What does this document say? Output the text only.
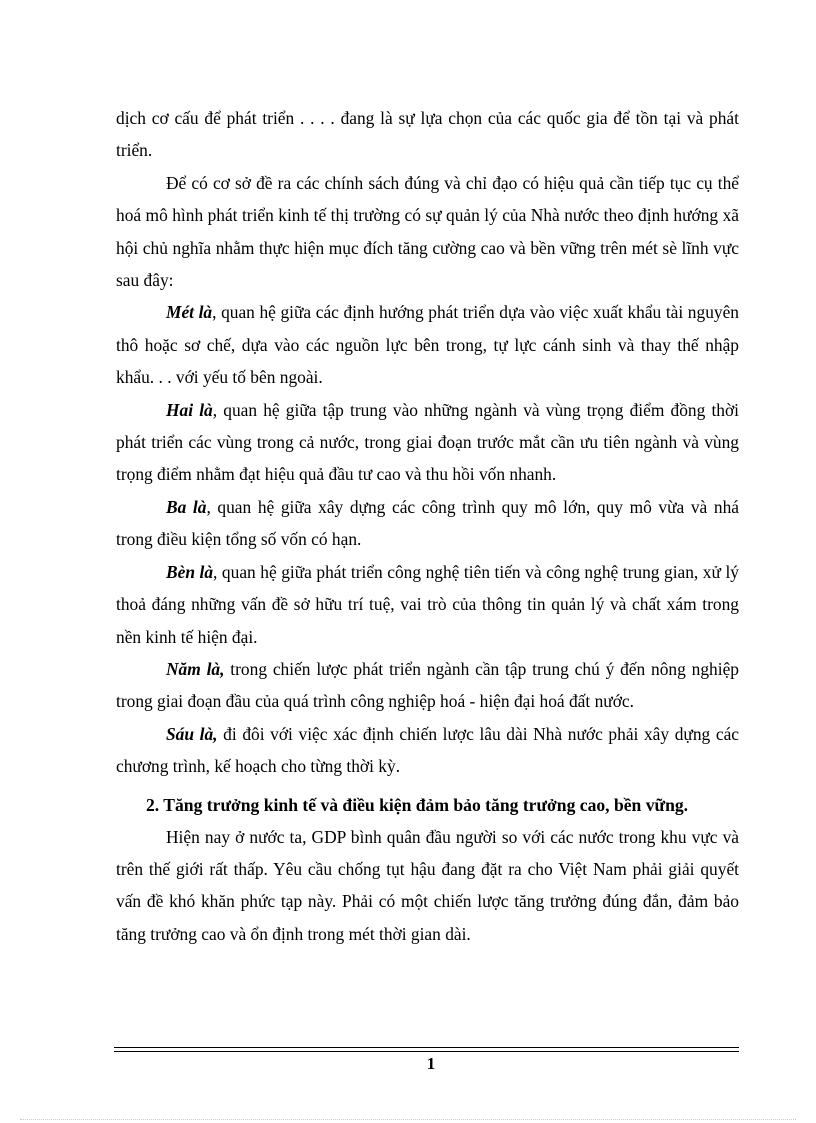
dịch cơ cấu để phát triển . . . . đang là sự lựa chọn của các quốc gia để tồn tại và phát triển.

Để có cơ sở đề ra các chính sách đúng và chỉ đạo có hiệu quả cần tiếp tục cụ thể hoá mô hình phát triển kinh tế thị trường có sự quản lý của Nhà nước theo định hướng xã hội chủ nghĩa nhằm thực hiện mục đích tăng cường cao và bền vững trên mét sè lĩnh vực sau đây:

Mét là, quan hệ giữa các định hướng phát triển dựa vào việc xuất khẩu tài nguyên thô hoặc sơ chế, dựa vào các nguồn lực bên trong, tự lực cánh sinh và thay thế nhập khẩu. . . với yếu tố bên ngoài.

Hai là, quan hệ giữa tập trung vào những ngành và vùng trọng điểm đồng thời phát triển các vùng trong cả nước, trong giai đoạn trước mắt cần ưu tiên ngành và vùng trọng điểm nhằm đạt hiệu quả đầu tư cao và thu hồi vốn nhanh.

Ba là, quan hệ giữa xây dựng các công trình quy mô lớn, quy mô vừa và nhá trong điều kiện tổng số vốn có hạn.

Bèn là, quan hệ giữa phát triển công nghệ tiên tiến và công nghệ trung gian, xử lý thoả đáng những vấn đề sở hữu trí tuệ, vai trò của thông tin quản lý và chất xám trong nền kinh tế hiện đại.

Năm là, trong chiến lược phát triển ngành cần tập trung chú ý đến nông nghiệp trong giai đoạn đầu của quá trình công nghiệp hoá - hiện đại hoá đất nước.

Sáu là, đi đôi với việc xác định chiến lược lâu dài Nhà nước phải xây dựng các chương trình, kế hoạch cho từng thời kỳ.

2. Tăng trưởng kinh tế và điều kiện đảm bảo tăng trưởng cao, bền vững.

Hiện nay ở nước ta, GDP bình quân đầu người so với các nước trong khu vực và trên thế giới rất thấp. Yêu cầu chống tụt hậu đang đặt ra cho Việt Nam phải giải quyết vấn đề khó khăn phức tạp này. Phải có một chiến lược tăng trưởng đúng đắn, đảm bảo tăng trưởng cao và ổn định trong mét thời gian dài.

1
